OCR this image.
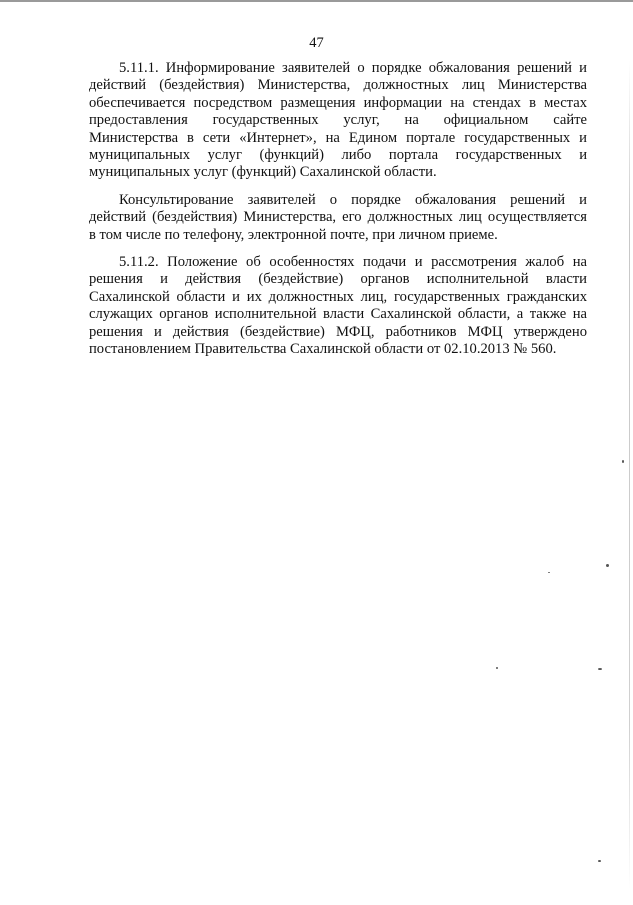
47
5.11.1. Информирование заявителей о порядке обжалования решений и
действий (бездействия) Министерства, должностных лиц Министерства
обеспечивается посредством размещения информации на стендах в местах
предоставления государственных услуг, на официальном сайте
Министерства в сети «Интернет», на Едином портале государственных и
муниципальных услуг (функций) либо портала государственных и
муниципальных услуг (функций) Сахалинской области.
Консультирование заявителей о порядке обжалования решений и
действий (бездействия) Министерства, его должностных лиц осуществляется
в том числе по телефону, электронной почте, при личном приеме.
5.11.2. Положение об особенностях подачи и рассмотрения жалоб на
решения и действия (бездействие) органов исполнительной власти
Сахалинской области и их должностных лиц, государственных гражданских
служащих органов исполнительной власти Сахалинской области, а также на
решения и действия (бездействие) МФЦ, работников МФЦ утверждено
постановлением Правительства Сахалинской области от 02.10.2013 № 560.
